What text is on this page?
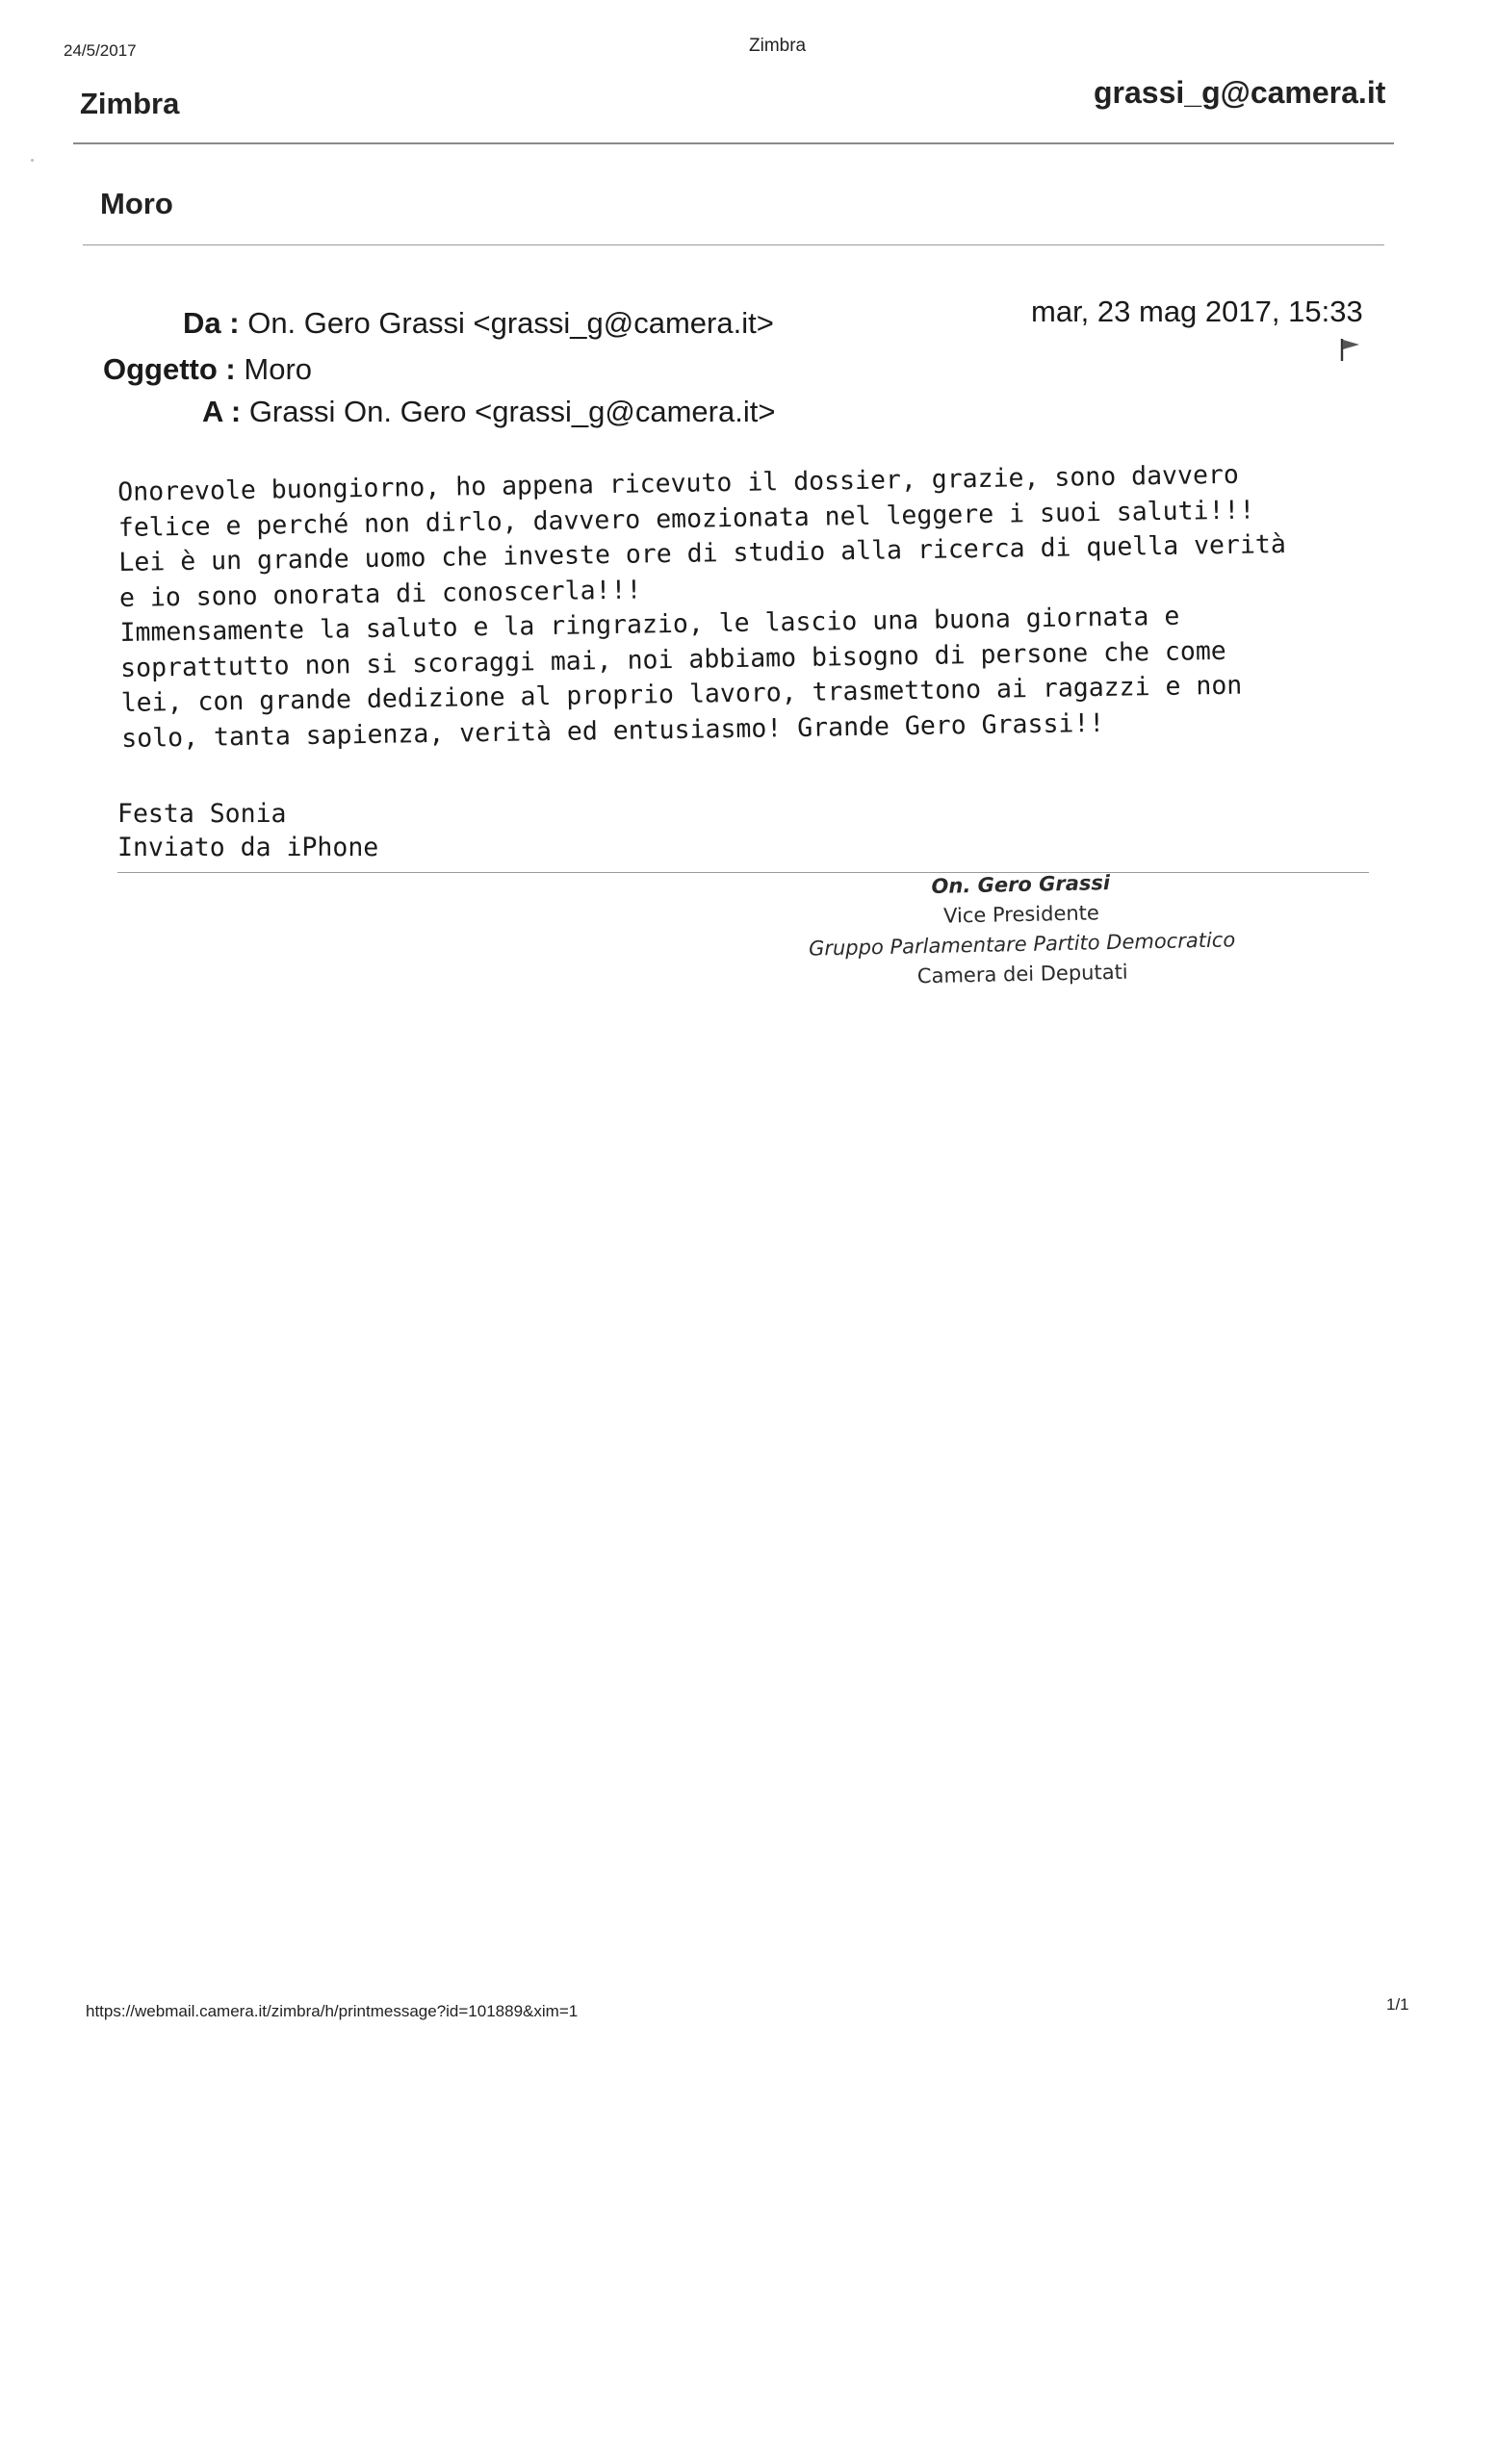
24/5/2017	Zimbra
Zimbra	grassi_g@camera.it
Moro
Da : On. Gero Grassi <grassi_g@camera.it>
Oggetto : Moro
A : Grassi On. Gero <grassi_g@camera.it>
mar, 23 mag 2017, 15:33
Onorevole buongiorno, ho appena ricevuto il dossier, grazie, sono davvero
felice e perché non dirlo, davvero emozionata nel leggere i suoi saluti!!!
Lei è un grande uomo che investe ore di studio alla ricerca di quella verità
e io sono onorata di conoscerla!!!
Immensamente la saluto e la ringrazio, le lascio una buona giornata e
soprattutto non si scoraggi mai, noi abbiamo bisogno di persone che come
lei, con grande dedizione al proprio lavoro, trasmettono ai ragazzi e non
solo, tanta sapienza, verità ed entusiasmo! Grande Gero Grassi!!
Festa Sonia
Inviato da iPhone
On. Gero Grassi
Vice Presidente
Gruppo Parlamentare Partito Democratico
Camera dei Deputati
https://webmail.camera.it/zimbra/h/printmessage?id=101889&xim=1	1/1
